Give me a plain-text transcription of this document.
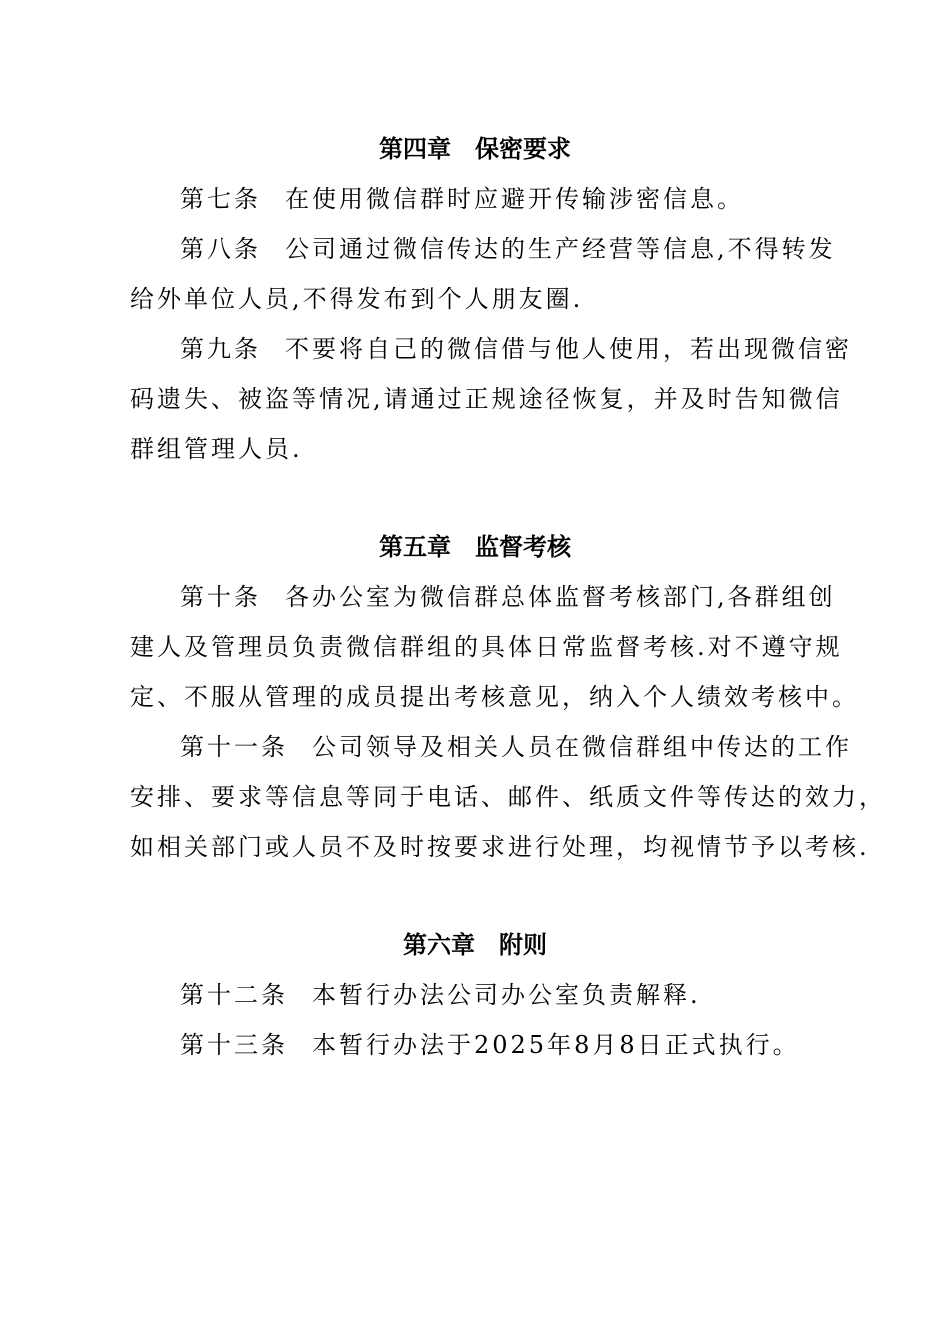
第四章　保密要求
第七条 在使用微信群时应避开传输涉密信息。
第八条 公司通过微信传达的生产经营等信息,不得转发
给外单位人员,不得发布到个人朋友圈.
第九条 不要将自己的微信借与他人使用，若出现微信密
码遗失、被盗等情况,请通过正规途径恢复，并及时告知微信
群组管理人员.
第五章　监督考核
第十条 各办公室为微信群总体监督考核部门,各群组创
建人及管理员负责微信群组的具体日常监督考核.对不遵守规
定、不服从管理的成员提出考核意见，纳入个人绩效考核中。
第十一条 公司领导及相关人员在微信群组中传达的工作
安排、要求等信息等同于电话、邮件、纸质文件等传达的效力，
如相关部门或人员不及时按要求进行处理，均视情节予以考核.
第六章　附则
第十二条 本暂行办法公司办公室负责解释.
第十三条 本暂行办法于2025年8月8日正式执行。
